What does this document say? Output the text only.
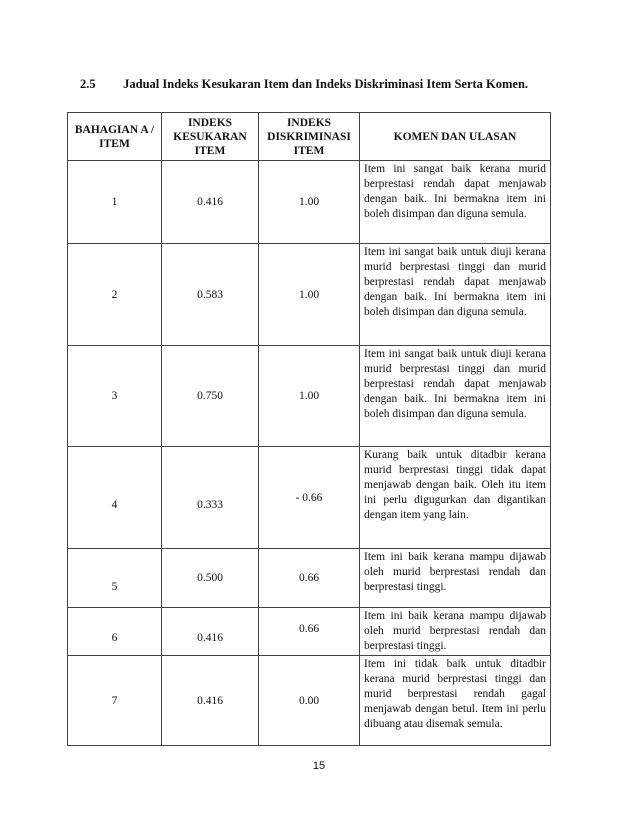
2.5 Jadual Indeks Kesukaran Item dan Indeks Diskriminasi Item Serta Komen.
BAHAGIAN A / ITEM	INDEKS KESUKARAN ITEM	INDEKS DISKRIMINASI ITEM	KOMEN DAN ULASAN
1	0.416	1.00	Item ini sangat baik kerana murid berprestasi rendah dapat menjawab dengan baik. Ini bermakna item ini boleh disimpan dan diguna semula.
2	0.583	1.00	Item ini sangat baik untuk diuji kerana murid berprestasi tinggi dan murid berprestasi rendah dapat menjawab dengan baik. Ini bermakna item ini boleh disimpan dan diguna semula.
3	0.750	1.00	Item ini sangat baik untuk diuji kerana murid berprestasi tinggi dan murid berprestasi rendah dapat menjawab dengan baik. Ini bermakna item ini boleh disimpan dan diguna semula.
4	0.333	- 0.66	Kurang baik untuk ditadbir kerana murid berprestasi tinggi tidak dapat menjawab dengan baik. Oleh itu item ini perlu digugurkan dan digantikan dengan item yang lain.
5	0.500	0.66	Item ini baik kerana mampu dijawab oleh murid berprestasi rendah dan berprestasi tinggi.
6	0.416	0.66	Item ini baik kerana mampu dijawab oleh murid berprestasi rendah dan berprestasi tinggi.
7	0.416	0.00	Item ini tidak baik untuk ditadbir kerana murid berprestasi tinggi dan murid berprestasi rendah gagal menjawab dengan betul. Item ini perlu dibuang atau disemak semula.
15
